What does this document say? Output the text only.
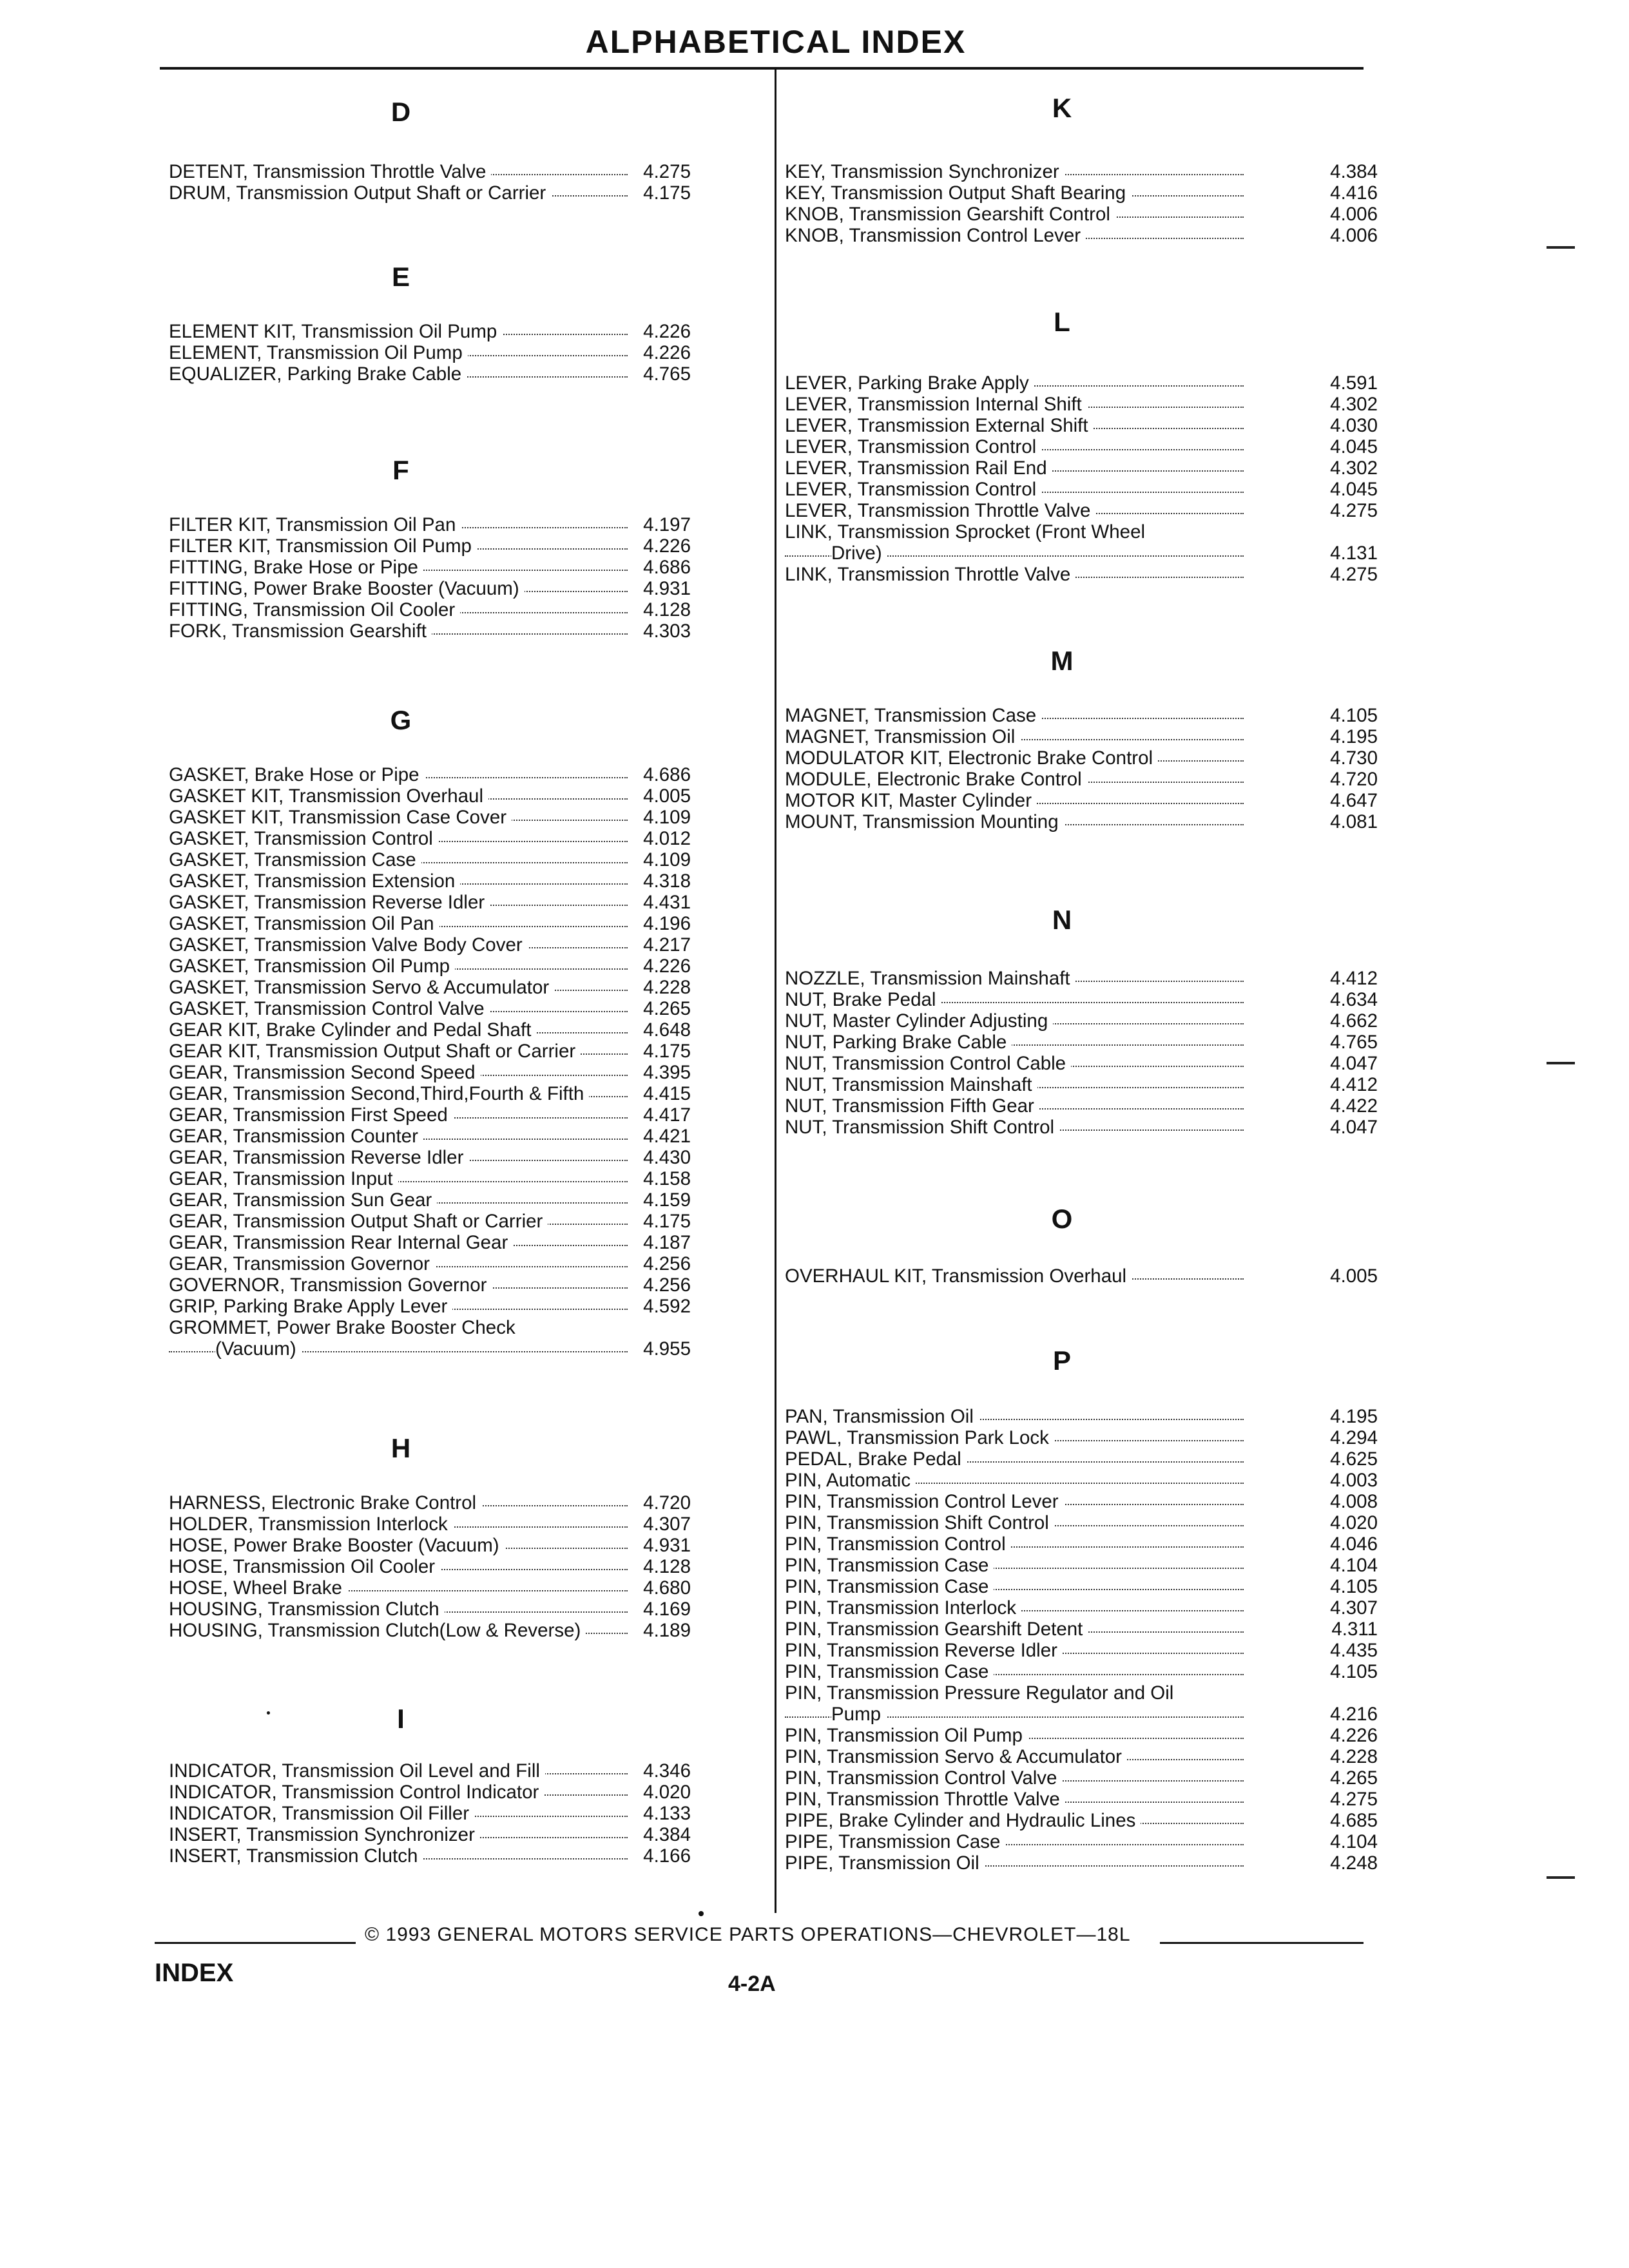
ALPHABETICAL INDEX
D
DETENT, Transmission Throttle Valve	4.275
DRUM, Transmission Output Shaft or Carrier	4.175
E
ELEMENT KIT, Transmission Oil Pump	4.226
ELEMENT, Transmission Oil Pump	4.226
EQUALIZER, Parking Brake Cable	4.765
F
FILTER KIT, Transmission Oil Pan	4.197
FILTER KIT, Transmission Oil Pump	4.226
FITTING, Brake Hose or Pipe	4.686
FITTING, Power Brake Booster (Vacuum)	4.931
FITTING, Transmission Oil Cooler	4.128
FORK, Transmission Gearshift	4.303
G
GASKET, Brake Hose or Pipe	4.686
GASKET KIT, Transmission Overhaul	4.005
GASKET KIT, Transmission Case Cover	4.109
GASKET, Transmission Control	4.012
GASKET, Transmission Case	4.109
GASKET, Transmission Extension	4.318
GASKET, Transmission Reverse Idler	4.431
GASKET, Transmission Oil Pan	4.196
GASKET, Transmission Valve Body Cover	4.217
GASKET, Transmission Oil Pump	4.226
GASKET, Transmission Servo & Accumulator	4.228
GASKET, Transmission Control Valve	4.265
GEAR KIT, Brake Cylinder and Pedal Shaft	4.648
GEAR KIT, Transmission Output Shaft or Carrier	4.175
GEAR, Transmission Second Speed	4.395
GEAR, Transmission Second,Third,Fourth & Fifth	4.415
GEAR, Transmission First Speed	4.417
GEAR, Transmission Counter	4.421
GEAR, Transmission Reverse Idler	4.430
GEAR, Transmission Input	4.158
GEAR, Transmission Sun Gear	4.159
GEAR, Transmission Output Shaft or Carrier	4.175
GEAR, Transmission Rear Internal Gear	4.187
GEAR, Transmission Governor	4.256
GOVERNOR, Transmission Governor	4.256
GRIP, Parking Brake Apply Lever	4.592
GROMMET, Power Brake Booster Check
(Vacuum)	4.955
H
HARNESS, Electronic Brake Control	4.720
HOLDER, Transmission Interlock	4.307
HOSE, Power Brake Booster (Vacuum)	4.931
HOSE, Transmission Oil Cooler	4.128
HOSE, Wheel Brake	4.680
HOUSING, Transmission Clutch	4.169
HOUSING, Transmission Clutch(Low & Reverse)	4.189
I
INDICATOR, Transmission Oil Level and Fill	4.346
INDICATOR, Transmission Control Indicator	4.020
INDICATOR, Transmission Oil Filler	4.133
INSERT, Transmission Synchronizer	4.384
INSERT, Transmission Clutch	4.166
K
KEY, Transmission Synchronizer	4.384
KEY, Transmission Output Shaft Bearing	4.416
KNOB, Transmission Gearshift Control	4.006
KNOB, Transmission Control Lever	4.006
L
LEVER, Parking Brake Apply	4.591
LEVER, Transmission Internal Shift	4.302
LEVER, Transmission External Shift	4.030
LEVER, Transmission Control	4.045
LEVER, Transmission Rail End	4.302
LEVER, Transmission Control	4.045
LEVER, Transmission Throttle Valve	4.275
LINK, Transmission Sprocket (Front Wheel
Drive)	4.131
LINK, Transmission Throttle Valve	4.275
M
MAGNET, Transmission Case	4.105
MAGNET, Transmission Oil	4.195
MODULATOR KIT, Electronic Brake Control	4.730
MODULE, Electronic Brake Control	4.720
MOTOR KIT, Master Cylinder	4.647
MOUNT, Transmission Mounting	4.081
N
NOZZLE, Transmission Mainshaft	4.412
NUT, Brake Pedal	4.634
NUT, Master Cylinder Adjusting	4.662
NUT, Parking Brake Cable	4.765
NUT, Transmission Control Cable	4.047
NUT, Transmission Mainshaft	4.412
NUT, Transmission Fifth Gear	4.422
NUT, Transmission Shift Control	4.047
O
OVERHAUL KIT, Transmission Overhaul	4.005
P
PAN, Transmission Oil	4.195
PAWL, Transmission Park Lock	4.294
PEDAL, Brake Pedal	4.625
PIN, Automatic	4.003
PIN, Transmission Control Lever	4.008
PIN, Transmission Shift Control	4.020
PIN, Transmission Control	4.046
PIN, Transmission Case	4.104
PIN, Transmission Case	4.105
PIN, Transmission Interlock	4.307
PIN, Transmission Gearshift Detent	4.311
PIN, Transmission Reverse Idler	4.435
PIN, Transmission Case	4.105
PIN, Transmission Pressure Regulator and Oil
Pump	4.216
PIN, Transmission Oil Pump	4.226
PIN, Transmission Servo & Accumulator	4.228
PIN, Transmission Control Valve	4.265
PIN, Transmission Throttle Valve	4.275
PIPE, Brake Cylinder and Hydraulic Lines	4.685
PIPE, Transmission Case	4.104
PIPE, Transmission Oil	4.248
© 1993 GENERAL MOTORS SERVICE PARTS OPERATIONS—CHEVROLET—18L
INDEX	4-2A
